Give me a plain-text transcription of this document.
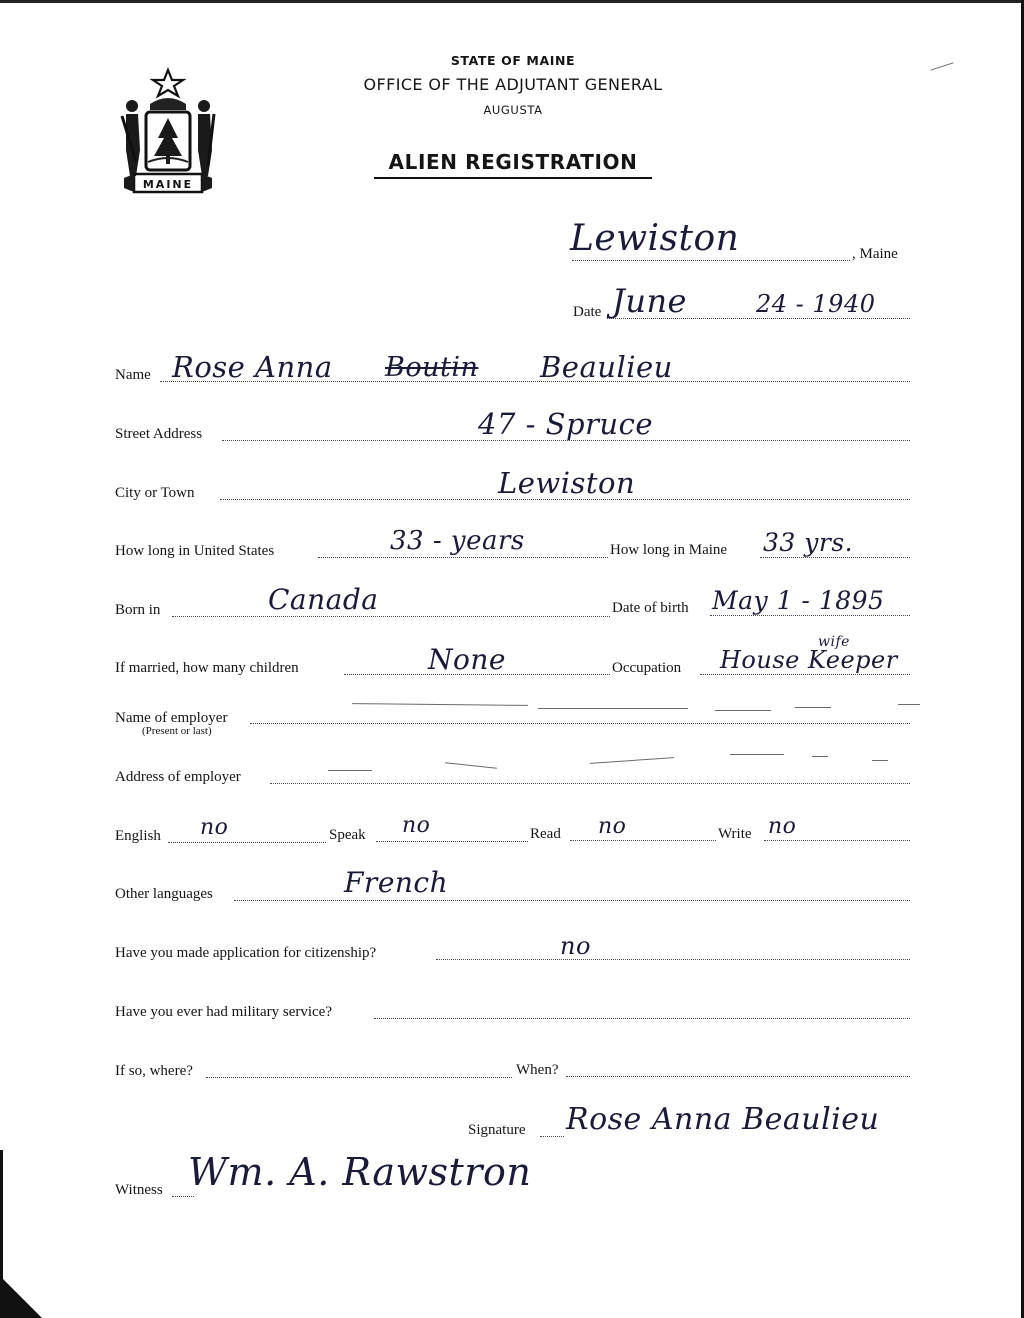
MAINE
STATE OF MAINE
OFFICE OF THE ADJUTANT GENERAL
AUGUSTA
ALIEN REGISTRATION
Lewiston	, Maine
Date June	24 - 1940
Name Rose Anna Boutin Beaulieu
Street Address	47 - Spruce
City or Town	Lewiston
How long in United States	33 - years	How long in Maine 33 yrs.
Born in	Canada	Date of birth May 1 - 1895
If married, how many children	None	Occupation House Keeper
wife
Name of employer
(Present or last)
Address of employer
English no	Speak no	Read no	Write no
Other languages	French
Have you made application for citizenship?	no
Have you ever had military service?
If so, where?	When?
Signature Rose Anna Beaulieu
Witness Wm. A. Rawstron
